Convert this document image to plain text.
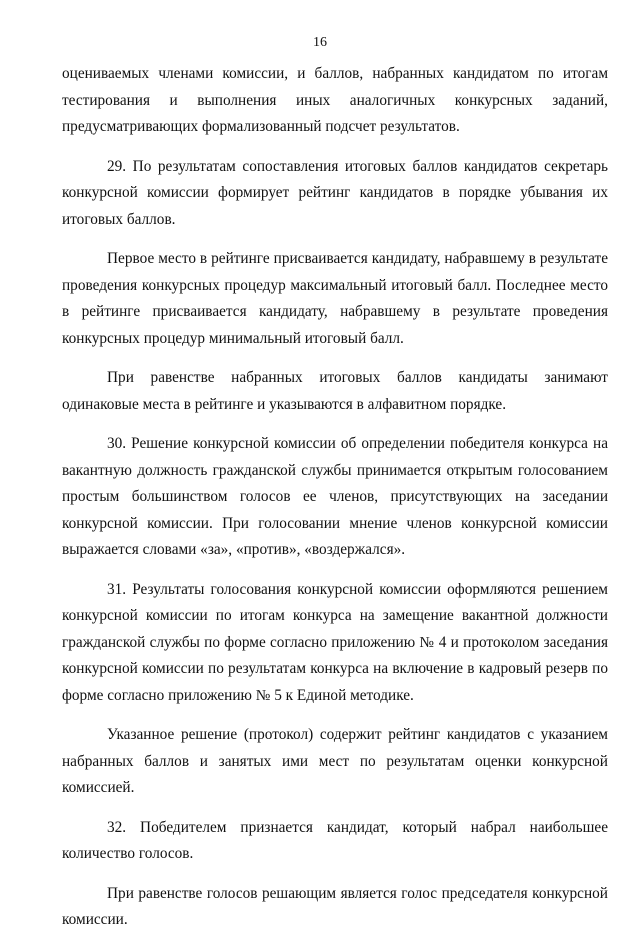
16

оцениваемых членами комиссии, и баллов, набранных кандидатом по итогам тестирования и выполнения иных аналогичных конкурсных заданий, предусматривающих формализованный подсчет результатов.

29. По результатам сопоставления итоговых баллов кандидатов секретарь конкурсной комиссии формирует рейтинг кандидатов в порядке убывания их итоговых баллов.

Первое место в рейтинге присваивается кандидату, набравшему в результате проведения конкурсных процедур максимальный итоговый балл. Последнее место в рейтинге присваивается кандидату, набравшему в результате проведения конкурсных процедур минимальный итоговый балл.

При равенстве набранных итоговых баллов кандидаты занимают одинаковые места в рейтинге и указываются в алфавитном порядке.

30. Решение конкурсной комиссии об определении победителя конкурса на вакантную должность гражданской службы принимается открытым голосованием простым большинством голосов ее членов, присутствующих на заседании конкурсной комиссии. При голосовании мнение членов конкурсной комиссии выражается словами «за», «против», «воздержался».

31. Результаты голосования конкурсной комиссии оформляются решением конкурсной комиссии по итогам конкурса на замещение вакантной должности гражданской службы по форме согласно приложению № 4 и протоколом заседания конкурсной комиссии по результатам конкурса на включение в кадровый резерв по форме согласно приложению № 5 к Единой методике.

Указанное решение (протокол) содержит рейтинг кандидатов с указанием набранных баллов и занятых ими мест по результатам оценки конкурсной комиссией.

32. Победителем признается кандидат, который набрал наибольшее количество голосов.

При равенстве голосов решающим является голос председателя конкурсной комиссии.
